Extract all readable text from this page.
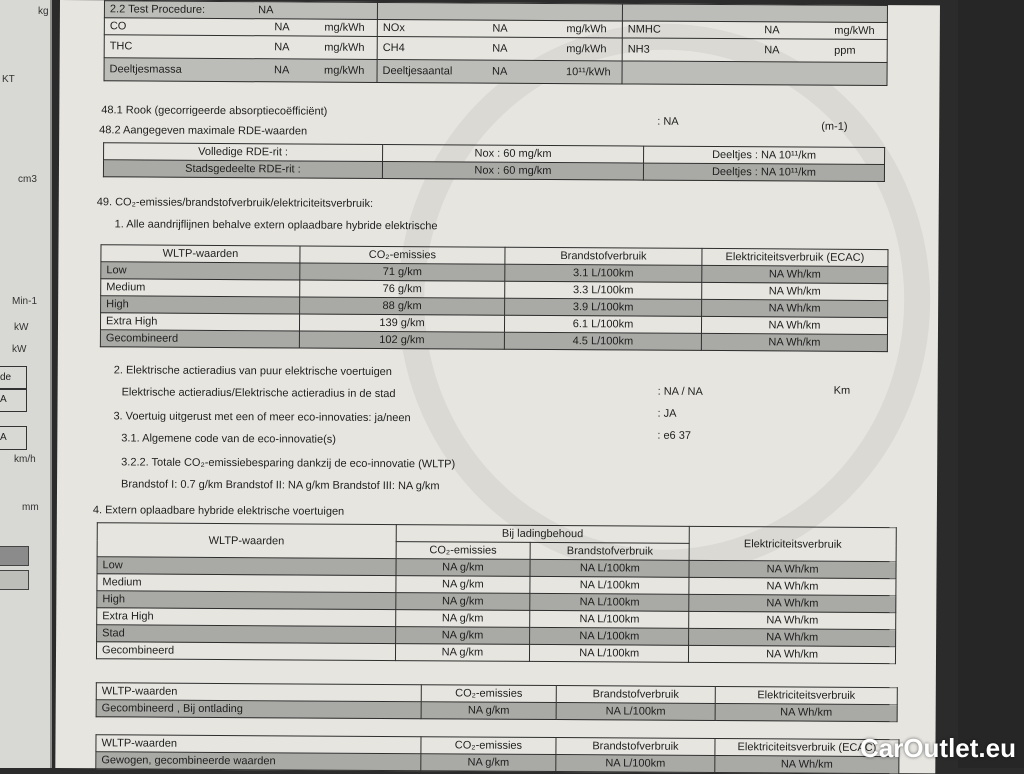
kg
KT
cm3
Min-1
kW
kW
de
A
A
km/h
mm
2.2 Test Procedure: NA		
CO NA mg/kWh	NOx NA mg/kWh	NMHC NA mg/kWh

THC NA mg/kWh	CH4 NA mg/kWh	NH3 NA ppm

Deeltjesmassa NA mg/kWh	Deeltjesaantal NA 10¹¹/kWh	

48.1 Rook (gecorrigeerde absorptiecoëfficiënt)
: NA	(m-1)
48.2 Aangegeven maximale RDE-waarden
Volledige RDE-rit :	Nox : 60 mg/km	Deeltjes : NA 10¹¹/km
Stadsgedeelte RDE-rit :	Nox : 60 mg/km	Deeltjes : NA 10¹¹/km
49. CO₂-emissies/brandstofverbruik/elektriciteitsverbruik:
1. Alle aandrijflijnen behalve extern oplaadbare hybride elektrische
WLTP-waarden	CO₂-emissies	Brandstofverbruik	Elektriciteitsverbruik (ECAC)
Low	71 g/km	3.1 L/100km	NA Wh/km
Medium	76 g/km	3.3 L/100km	NA Wh/km
High	88 g/km	3.9 L/100km	NA Wh/km
Extra High	139 g/km	6.1 L/100km	NA Wh/km
Gecombineerd	102 g/km	4.5 L/100km	NA Wh/km
2. Elektrische actieradius van puur elektrische voertuigen
Elektrische actieradius/Elektrische actieradius in de stad	: NA / NA	Km
3. Voertuig uitgerust met een of meer eco-innovaties: ja/neen	: JA
3.1. Algemene code van de eco-innovatie(s)	: e6 37
3.2.2. Totale CO₂-emissiebesparing dankzij de eco-innovatie (WLTP)
Brandstof I: 0.7 g/km Brandstof II: NA g/km Brandstof III: NA g/km
4. Extern oplaadbare hybride elektrische voertuigen
WLTP-waarden	Bij ladingbehoud		Elektriciteitsverbruik
	CO₂-emissies	Brandstofverbruik	
Low	NA g/km	NA L/100km	NA Wh/km
Medium	NA g/km	NA L/100km	NA Wh/km
High	NA g/km	NA L/100km	NA Wh/km
Extra High	NA g/km	NA L/100km	NA Wh/km
Stad	NA g/km	NA L/100km	NA Wh/km
Gecombineerd	NA g/km	NA L/100km	NA Wh/km
WLTP-waarden	CO₂-emissies	Brandstofverbruik	Elektriciteitsverbruik
Gecombineerd , Bij ontlading	NA g/km	NA L/100km	NA Wh/km
WLTP-waarden	CO₂-emissies	Brandstofverbruik	Elektriciteitsverbruik (ECAC)
Gewogen, gecombineerde waarden	NA g/km	NA L/100km	NA Wh/km
CarOutlet.eu
